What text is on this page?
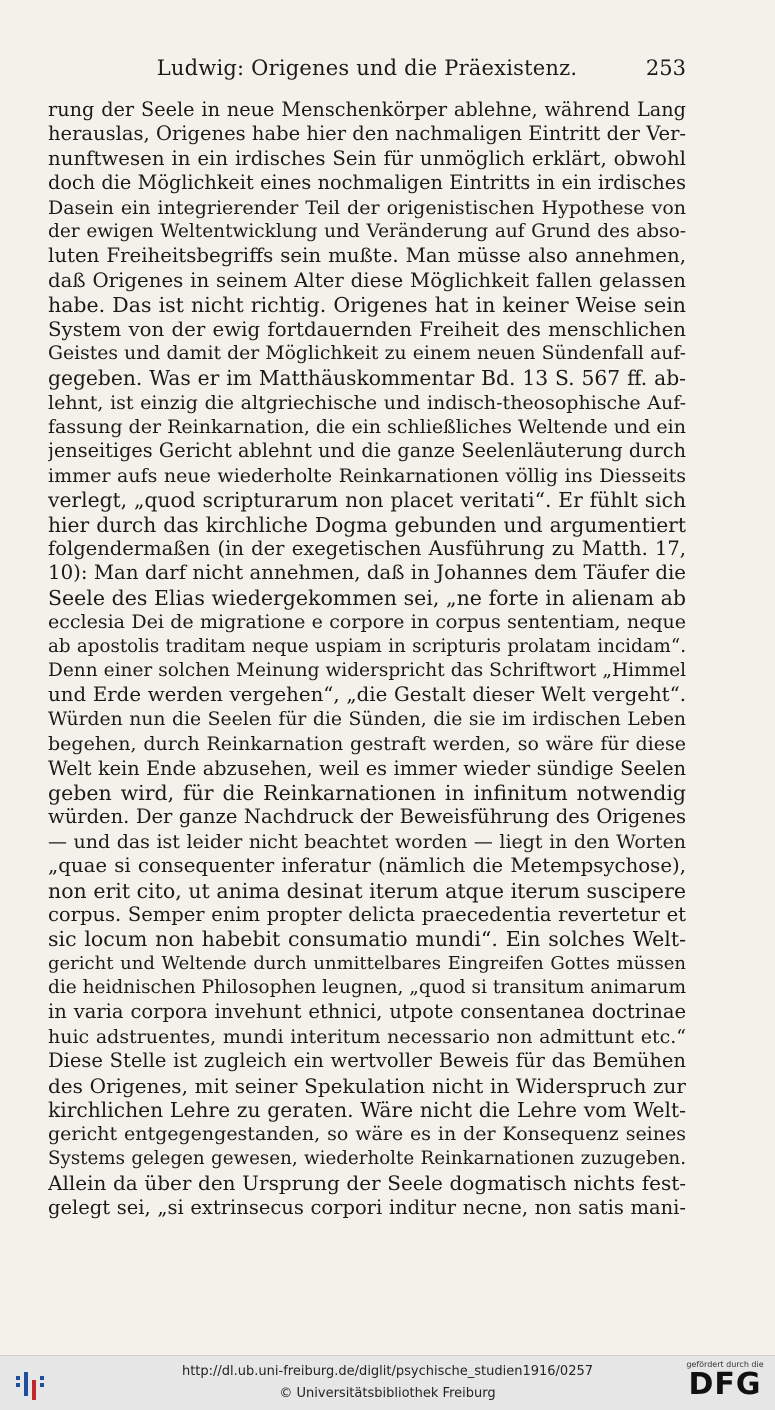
Ludwig: Origenes und die Präexistenz.	253
rung der Seele in neue Menschenkörper ablehne, während Lang
herauslas, Origenes habe hier den nachmaligen Eintritt der Ver-
nunftwesen in ein irdisches Sein für unmöglich erklärt, obwohl
doch die Möglichkeit eines nochmaligen Eintritts in ein irdisches
Dasein ein integrierender Teil der origenistischen Hypothese von
der ewigen Weltentwicklung und Veränderung auf Grund des abso-
luten Freiheitsbegriffs sein mußte. Man müsse also annehmen,
daß Origenes in seinem Alter diese Möglichkeit fallen gelassen
habe. Das ist nicht richtig. Origenes hat in keiner Weise sein
System von der ewig fortdauernden Freiheit des menschlichen
Geistes und damit der Möglichkeit zu einem neuen Sündenfall auf-
gegeben. Was er im Matthäuskommentar Bd. 13 S. 567 ff. ab-
lehnt, ist einzig die altgriechische und indisch-theosophische Auf-
fassung der Reinkarnation, die ein schließliches Weltende und ein
jenseitiges Gericht ablehnt und die ganze Seelenläuterung durch
immer aufs neue wiederholte Reinkarnationen völlig ins Diesseits
verlegt, „quod scripturarum non placet veritati“. Er fühlt sich
hier durch das kirchliche Dogma gebunden und argumentiert
folgendermaßen (in der exegetischen Ausführung zu Matth. 17,
10): Man darf nicht annehmen, daß in Johannes dem Täufer die
Seele des Elias wiedergekommen sei, „ne forte in alienam ab
ecclesia Dei de migratione e corpore in corpus sententiam, neque
ab apostolis traditam neque uspiam in scripturis prolatam incidam“.
Denn einer solchen Meinung widerspricht das Schriftwort „Himmel
und Erde werden vergehen“, „die Gestalt dieser Welt vergeht“.
Würden nun die Seelen für die Sünden, die sie im irdischen Leben
begehen, durch Reinkarnation gestraft werden, so wäre für diese
Welt kein Ende abzusehen, weil es immer wieder sündige Seelen
geben wird, für die Reinkarnationen in infinitum notwendig
würden. Der ganze Nachdruck der Beweisführung des Origenes
— und das ist leider nicht beachtet worden — liegt in den Worten
„quae si consequenter inferatur (nämlich die Metempsychose),
non erit cito, ut anima desinat iterum atque iterum suscipere
corpus. Semper enim propter delicta praecedentia revertetur et
sic locum non habebit consumatio mundi“. Ein solches Welt-
gericht und Weltende durch unmittelbares Eingreifen Gottes müssen
die heidnischen Philosophen leugnen, „quod si transitum animarum
in varia corpora invehunt ethnici, utpote consentanea doctrinae
huic adstruentes, mundi interitum necessario non admittunt etc.“
Diese Stelle ist zugleich ein wertvoller Beweis für das Bemühen
des Origenes, mit seiner Spekulation nicht in Widerspruch zur
kirchlichen Lehre zu geraten. Wäre nicht die Lehre vom Welt-
gericht entgegengestanden, so wäre es in der Konsequenz seines
Systems gelegen gewesen, wiederholte Reinkarnationen zuzugeben.
Allein da über den Ursprung der Seele dogmatisch nichts fest-
gelegt sei, „si extrinsecus corpori inditur necne, non satis mani-
http://dl.ub.uni-freiburg.de/diglit/psychische_studien1916/0257
© Universitätsbibliothek Freiburg
gefördert durch die
DFG
